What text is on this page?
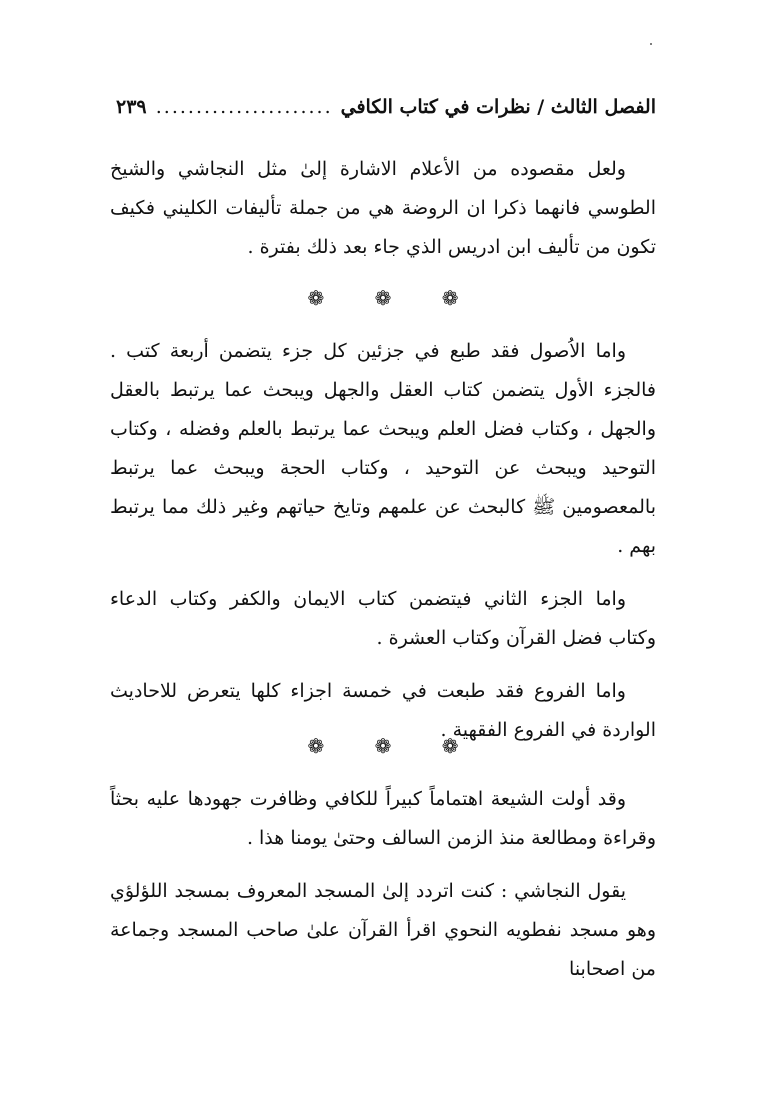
الفصل الثالث / نظرات في كتاب الكافي
.....
٢٣٩

ولعل مقصوده من الأعلام الاشارة إلىٰ مثل النجاشي والشيخ الطوسي فانهما ذكرا ان الروضة هي من جملة تأليفات الكليني فكيف تكون من تأليف ابن ادريس الذي جاء بعد ذلك بفترة .

❁	❁	❁

واما الاُصول فقد طبع في جزئين كل جزء يتضمن أربعة كتب . فالجزء الأول يتضمن كتاب العقل والجهل ويبحث عما يرتبط بالعقل والجهل ، وكتاب فضل العلم ويبحث عما يرتبط بالعلم وفضله ، وكتاب التوحيد ويبحث عن التوحيد ، وكتاب الحجة ويبحث عما يرتبط بالمعصومين ﷺ كالبحث عن علمهم وتايخ حياتهم وغير ذلك مما يرتبط بهم .

واما الجزء الثاني فيتضمن كتاب الايمان والكفر وكتاب الدعاء وكتاب فضل القرآن وكتاب العشرة .

واما الفروع فقد طبعت في خمسة اجزاء كلها يتعرض للاحاديث الواردة في الفروع الفقهية .

❁	❁	❁

وقد أولت الشيعة اهتماماً كبيراً للكافي وظافرت جهودها عليه بحثاً وقراءة ومطالعة منذ الزمن السالف وحتىٰ يومنا هذا .

يقول النجاشي : كنت اتردد إلىٰ المسجد المعروف بمسجد اللؤلؤي وهو مسجد نفطويه النحوي اقرأ القرآن علىٰ صاحب المسجد وجماعة من اصحابنا
